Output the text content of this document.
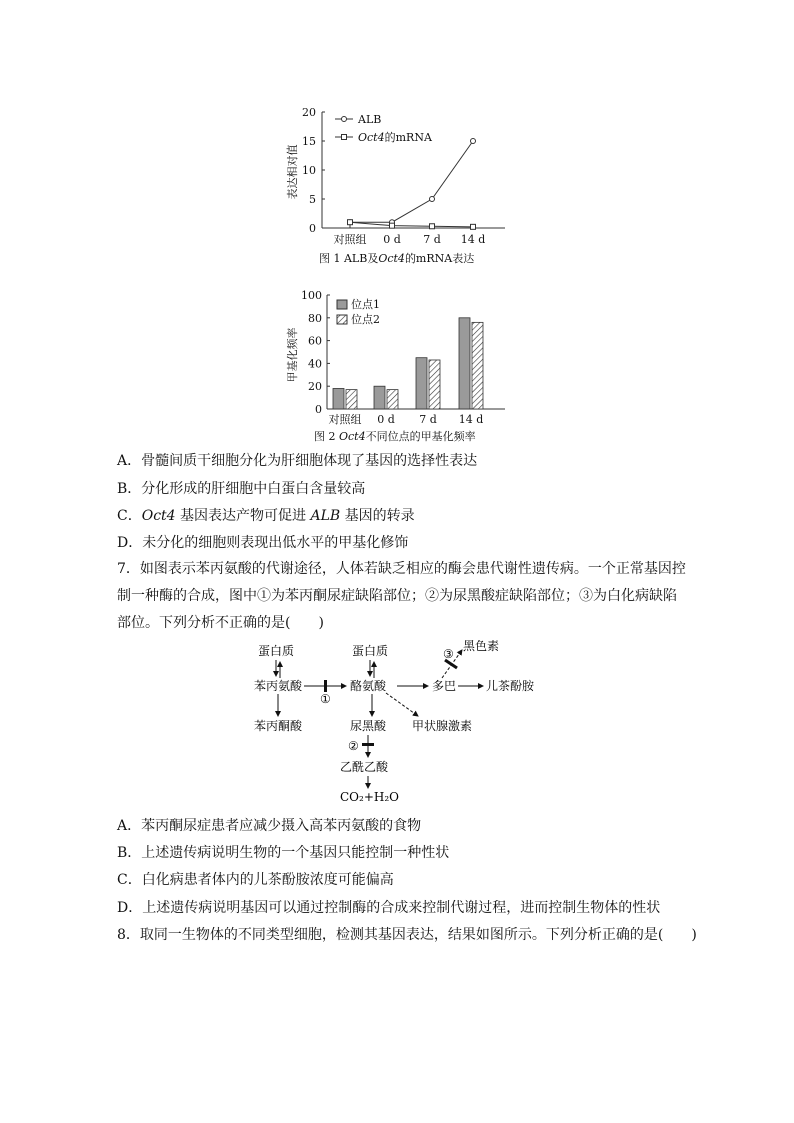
0
5
10
15
20
对照组 0 d 7 d 14 d
表达相对值
ALB
Oct4的mRNA
图 1 ALB及Oct4的mRNA表达
0
20
40
60
80
100
对照组 0 d 7 d 14 d
甲基化频率
位点1
位点2
图 2 Oct4不同位点的甲基化频率
A．骨髓间质干细胞分化为肝细胞体现了基因的选择性表达
B．分化形成的肝细胞中白蛋白含量较高
C．Oct4 基因表达产物可促进 ALB 基因的转录
D．未分化的细胞则表现出低水平的甲基化修饰

7．如图表示苯丙氨酸的代谢途径，人体若缺乏相应的酶会患代谢性遗传病。一个正常基因控

制一种酶的合成，图中①为苯丙酮尿症缺陷部位；②为尿黑酸症缺陷部位；③为白化病缺陷

部位。下列分析不正确的是(　　)

蛋白质	蛋白质	黑色素
苯丙氨酸	酪氨酸	多巴 儿茶酚胺
苯丙酮酸	尿黑酸 甲状腺激素
乙酰乙酸
CO₂+H₂O
①
③
②
A．苯丙酮尿症患者应减少摄入高苯丙氨酸的食物
B．上述遗传病说明生物的一个基因只能控制一种性状
C．白化病患者体内的儿茶酚胺浓度可能偏高
D．上述遗传病说明基因可以通过控制酶的合成来控制代谢过程，进而控制生物体的性状
8．取同一生物体的不同类型细胞，检测其基因表达，结果如图所示。下列分析正确的是(　　)
